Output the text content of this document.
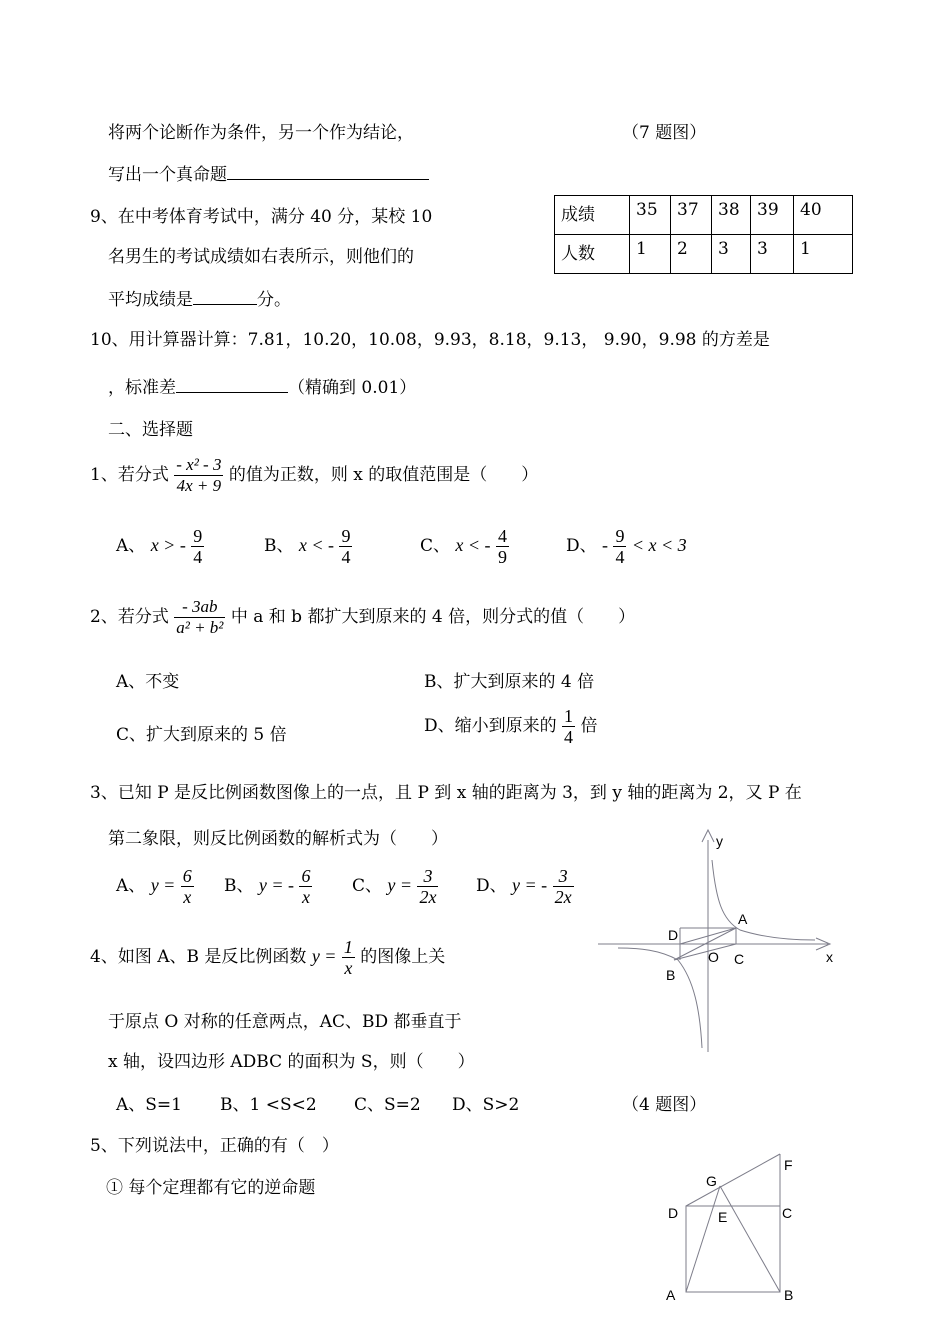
将两个论断作为条件，另一个作为结论，	（7 题图）
写出一个真命题
9、在中考体育考试中，满分 40 分，某校 10
名男生的考试成绩如右表所示，则他们的
平均成绩是	分。
成绩	35	37	38	39	40
人数	1	2	3	3	1
10、用计算器计算：7.81，10.20，10.08，9.93，8.18，9.13， 9.90，9.98 的方差是
，标准差	（精确到 0.01）
二、选择题
1、若分式 $\frac{\text{- x² - 3}}{4x + 9}$ 的值为正数，则 x 的取值范围是（　　）
A、 x > - $\frac{9}{4}$	B、 x < - $\frac{9}{4}$	C、 x < - $\frac{4}{9}$	D、 - $\frac{9}{4} < x < 3$
2、若分式 $\frac{- 3ab}{\text{a² + b²}}$ 中 a 和 b 都扩大到原来的 4 倍，则分式的值（　　）
A、不变	B、扩大到原来的 4 倍
C、扩大到原来的 5 倍	D、缩小到原来的 $\frac{1}{4}$ 倍
3、已知 P 是反比例函数图像上的一点，且 P 到 x 轴的距离为 3，到 y 轴的距离为 2，又 P 在
第二象限，则反比例函数的解析式为（　　）
A、 $y = \frac{6}{x}$ B、 y = - $\frac{6}{x}$ C、 $y = \frac{3}{2x}$ D、 y = - $\frac{3}{2x}$
4、如图 A、B 是反比例函数 $y = \frac{1}{x}$ 的图像上关
于原点 O 对称的任意两点，AC、BD 都垂直于
x 轴，设四边形 ADBC 的面积为 S，则（　　）
A、S=1 B、1 <S<2 C、S=2 D、S>2	（4 题图）
y
x
A
B
C
D
O
5、下列说法中，正确的有（　）
① 每个定理都有它的逆命题
F
G
D	E	C
A	B
